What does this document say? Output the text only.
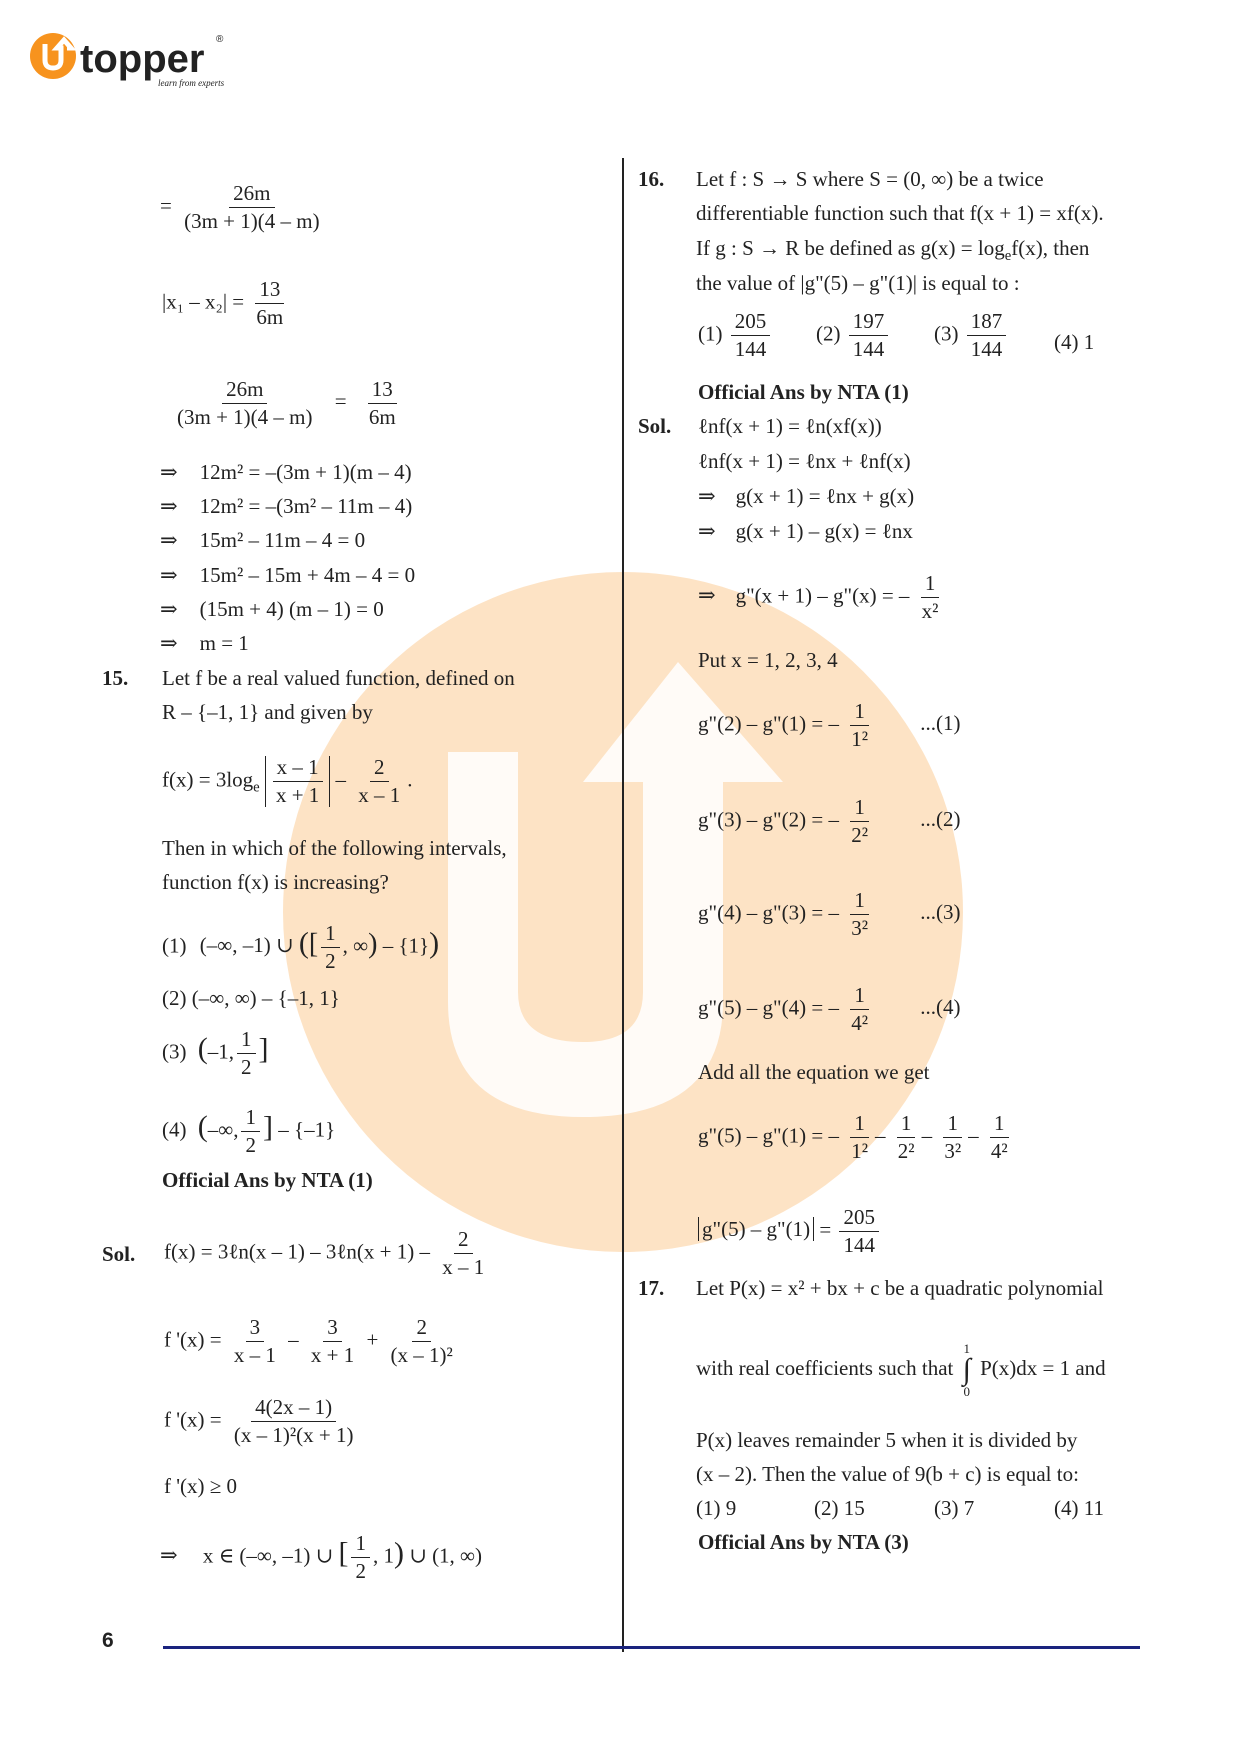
topper ®
learn from experts
= $\frac{26m}{(3m + 1)(4 - m)}$
$|x_1 - x_2| = \frac{13}{6m}$
$\frac{26m}{(3m + 1)(4 - m)} = \frac{13}{6m}$
⇒ 12m² = –(3m + 1)(m – 4)
⇒ 12m² = –(3m² – 11m – 4)
⇒ 15m² – 11m – 4 = 0
⇒ 15m² – 15m + 4m – 4 = 0
⇒ (15m + 4) (m – 1) = 0
⇒ m = 1
15. Let f be a real valued function, defined on
R – {–1, 1} and given by
$f(x) = 3\log_e \frac{x - 1}{x + 1} - \frac{2}{x - 1}$ .
Then in which of the following intervals,
function f(x) is increasing?
(1) (–∞, –1) ∪ ([ $\frac{1}{2}$ , ∞) – {1})
(2) (–∞, ∞) – {–1, 1}
(3) (–1, $\frac{1}{2}$ ]
(4) (–∞, $\frac{1}{2}$ ] – {–1}
Official Ans by NTA (1)
Sol. f(x) = 3ℓn(x – 1) – 3ℓn(x + $1) - \frac{2}{x - 1}$
f '$(x) = \frac{3}{x - 1} - \frac{3}{x + 1} + \frac{2}{\text{(x – 1)²}}$
f '$(x) = \frac{4(2x - 1)}{\text{(x – 1)²(x + 1)}}$
f '(x) ≥ 0
⇒ x ∈ (–∞, –1) ∪ [ $\frac{1}{2}$ , 1) ∪ (1, ∞)
16. Let f : S → S where S = (0, ∞) be a twice
differentiable function such that f(x + 1) = xf(x).
If g : S → R be defined as $g(x) = \log_ef(x)$, then
the value of |g"(5) – g"(1)| is equal to :
$(1) \frac{205}{144} (2) \frac{197}{144} (3) \frac{187}{144} (4)$ 1
Official Ans by NTA (1)
Sol. ℓnf(x + 1) = ℓn(xf(x))
ℓnf(x + 1) = ℓnx + ℓnf(x)
⇒ g(x + 1) = ℓnx + g(x)
⇒ g(x + 1) – g(x) = ℓnx
⇒ g"(x + 1) – g"(x) = – $\frac{1}{\text{x²}}$
Put x = 1, 2, 3, 4
g"(2) – g"(1) = – $\frac{1}{\text{1²}} ...(1)$
g"(3) – g"(2) = – $\frac{1}{\text{2²}} ...(2)$
g"(4) – g"(3) = – $\frac{1}{\text{3²}} ...(3)$
g"(5) – g"(4) = – $\frac{1}{\text{4²}} ...(4)$
Add all the equation we get
g"(5) – g"(1) = – $\frac{1}{\text{1²}} - \frac{1}{\text{2²}} - \frac{1}{\text{3²}} - \frac{1}{\text{4²}}$
g"(5) – g"(1) = $\frac{205}{144}$
17. Let P(x) = x² + bx + c be a quadratic polynomial
with real coefficients such that
1
∫
0
P(x)dx = 1 and
P(x) leaves remainder 5 when it is divided by
(x – 2). Then the value of 9(b + c) is equal to:
(1) 9	(2) 15	(3) 7	(4) 11
Official Ans by NTA (3)
6
